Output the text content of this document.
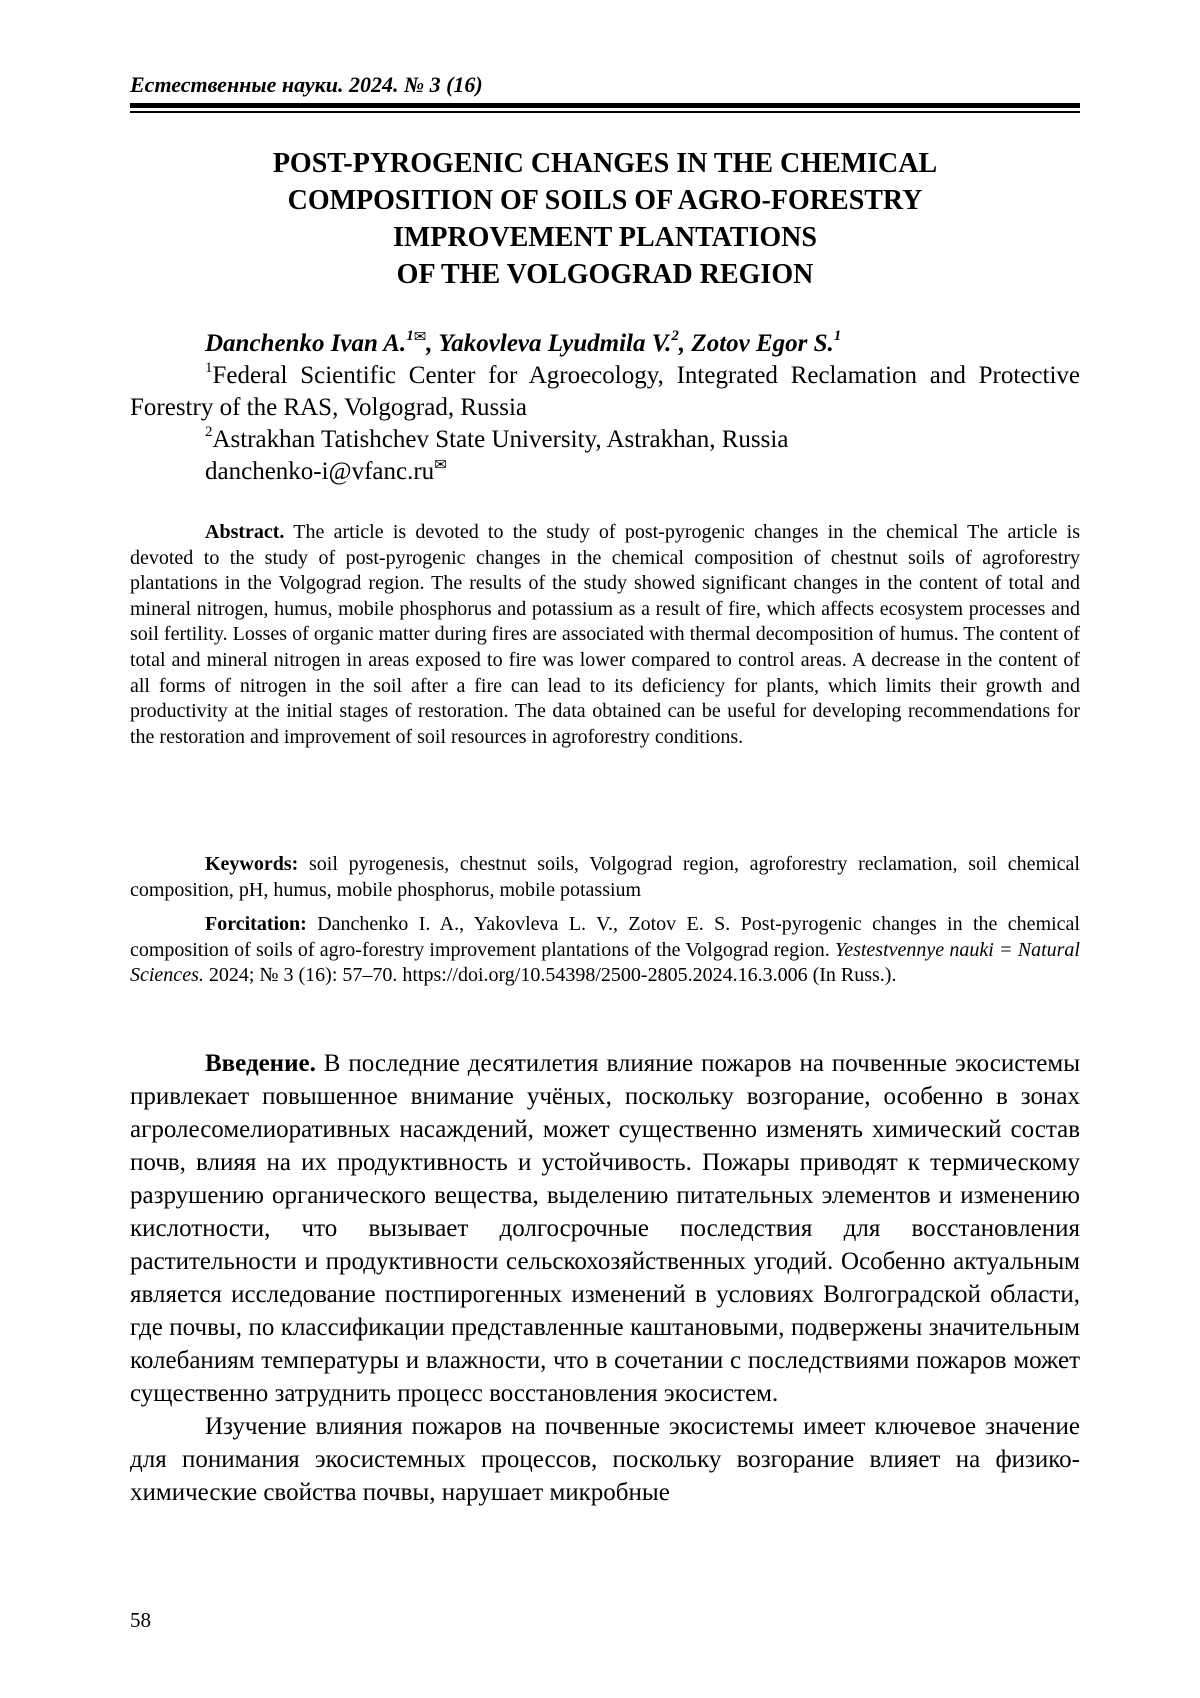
Естественные науки. 2024. № 3 (16)
POST-PYROGENIC CHANGES IN THE CHEMICAL
COMPOSITION OF SOILS OF AGRO-FORESTRY
IMPROVEMENT PLANTATIONS
OF THE VOLGOGRAD REGION
Danchenko Ivan A.$^{1✉}$, Yakovleva Lyudmila V.$^2$, Zotov Egor S.$^1$
$^1$Federal Scientific Center for Agroecology, Integrated Reclamation and Protective Forestry of the RAS, Volgograd, Russia
$^2$Astrakhan Tatishchev State University, Astrakhan, Russia
danchenko-i@vfanc.ru✉

Abstract. The article is devoted to the study of post-pyrogenic changes in the chemical The article is devoted to the study of post-pyrogenic changes in the chemical composition of chestnut soils of agroforestry plantations in the Volgograd region. The results of the study showed significant changes in the content of total and mineral nitrogen, humus, mobile phosphorus and potassium as a result of fire, which affects ecosystem processes and soil fertility. Losses of organic matter during fires are associated with thermal decomposition of humus. The content of total and mineral nitrogen in areas exposed to fire was lower compared to control areas. A decrease in the content of all forms of nitrogen in the soil after a fire can lead to its deficiency for plants, which limits their growth and productivity at the initial stages of restoration. The data obtained can be useful for developing recommendations for the restoration and improvement of soil resources in agroforestry conditions.

Keywords: soil pyrogenesis, chestnut soils, Volgograd region, agroforestry reclamation, soil chemical composition, pH, humus, mobile phosphorus, mobile potassium

Forcitation: Danchenko I. A., Yakovleva L. V., Zotov E. S. Post-pyrogenic changes in the chemical composition of soils of agro-forestry improvement plantations of the Volgograd region. Yestestvennye nauki = Natural Sciences. 2024; № 3 (16): 57–70. https://doi.org/10.54398/2500-2805.2024.16.3.006 (In Russ.).

Введение. В последние десятилетия влияние пожаров на почвенные экосистемы привлекает повышенное внимание учёных, поскольку возгорание, особенно в зонах агролесомелиоративных насаждений, может существенно изменять химический состав почв, влияя на их продуктивность и устойчивость. Пожары приводят к термическому разрушению органического вещества, выделению питательных элементов и изменению кислотности, что вызывает долгосрочные последствия для восстановления растительности и продуктивности сельскохозяйственных угодий. Особенно актуальным является исследование постпирогенных изменений в условиях Волгоградской области, где почвы, по классификации представленные каштановыми, подвержены значительным колебаниям температуры и влажности, что в сочетании с последствиями пожаров может существенно затруднить процесс восстановления экосистем.

Изучение влияния пожаров на почвенные экосистемы имеет ключевое значение для понимания экосистемных процессов, поскольку возгорание влияет на физико-химические свойства почвы, нарушает микробные

58
